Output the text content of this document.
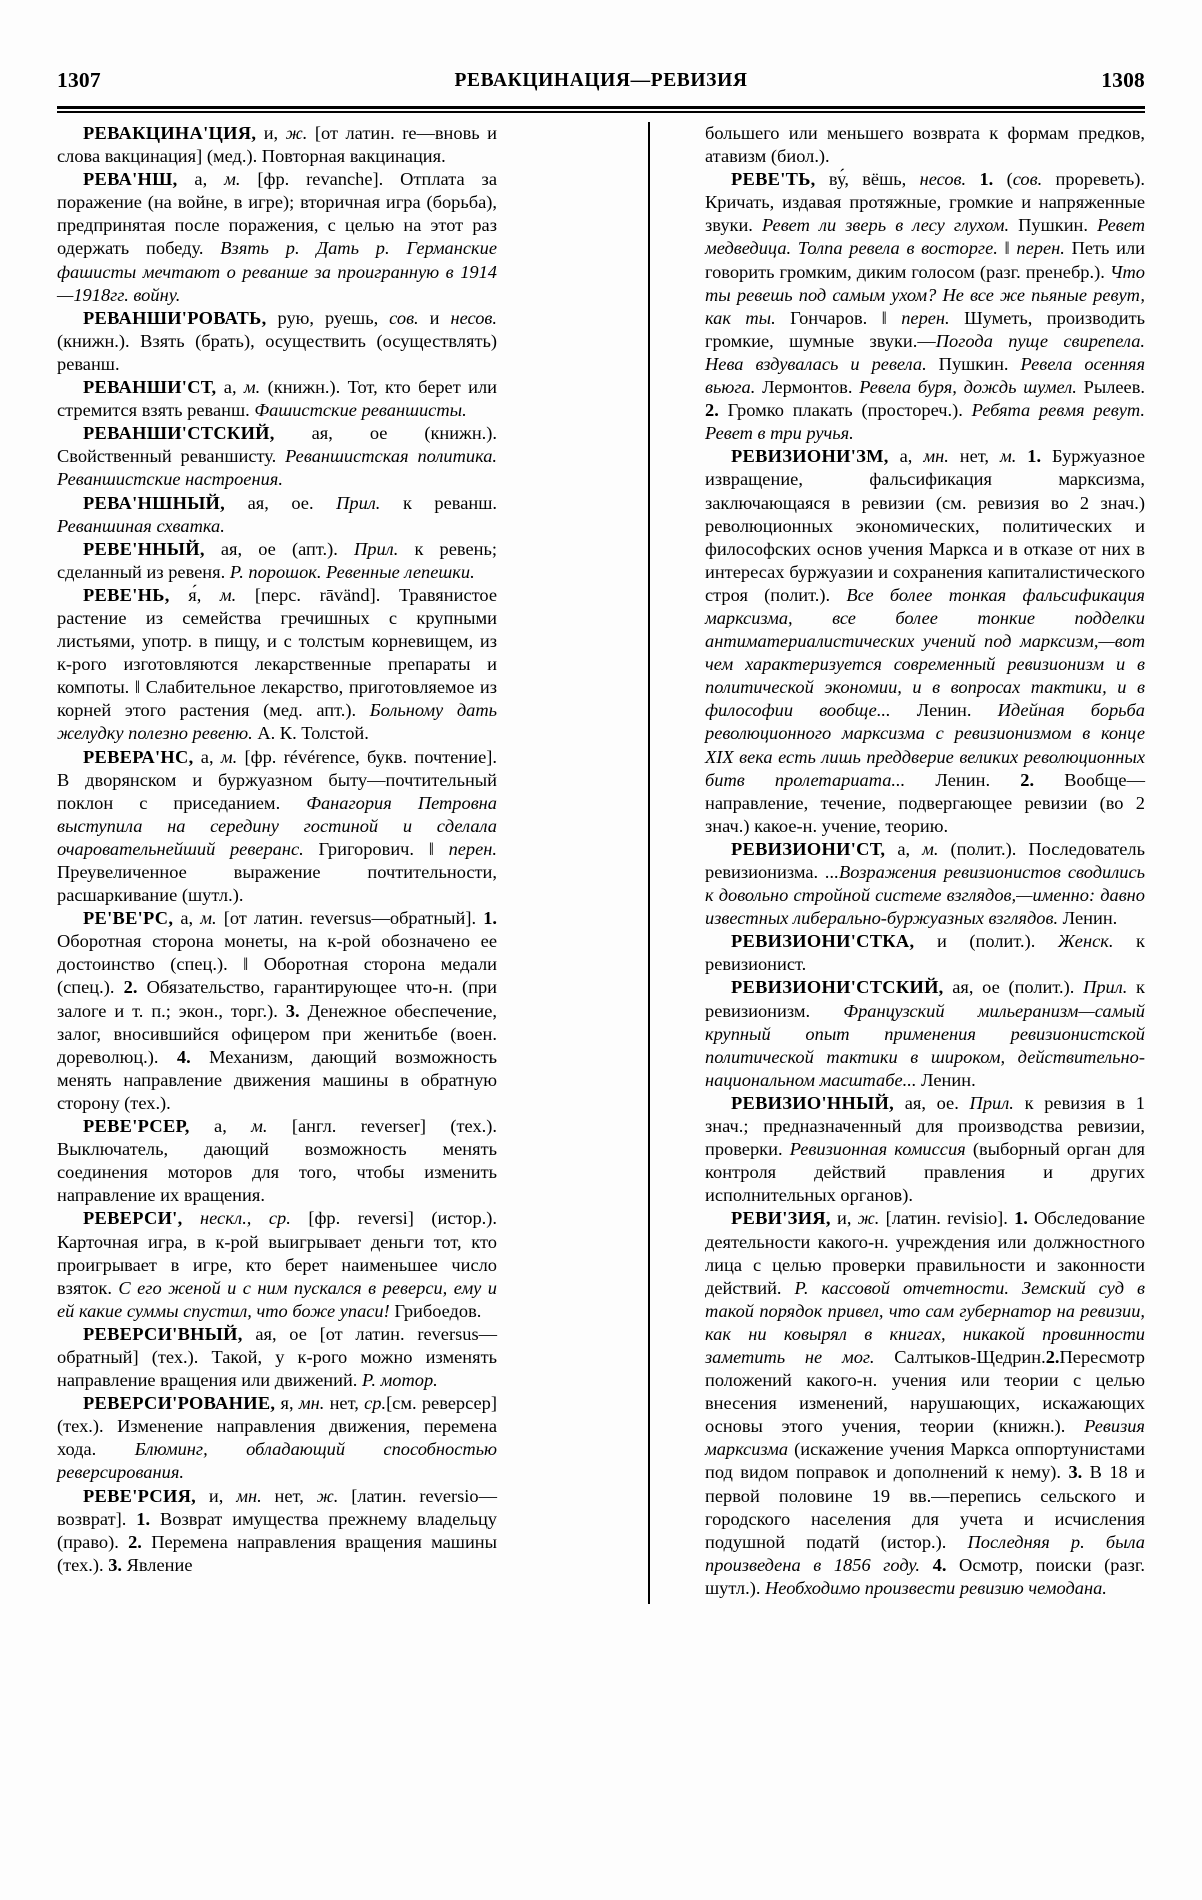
1307	РЕВАКЦИНАЦИЯ—РЕВИЗИЯ	1308

РЕВАКЦИНА'ЦИЯ, и, ж. [от латин. re—вновь и слова вакцинация] (мед.). Повторная вакцинация.

РЕВА'НШ, а, м. [фр. revanche]. Отплата за поражение (на войне, в игре); вторичная игра (борьба), предпринятая после поражения, с целью на этот раз одержать победу. Взять р. Дать р. Германские фашисты мечтают о реванше за проигранную в 1914—1918гг. войну.

РЕВАНШИ'РОВАТЬ, рую, руешь, сов. и несов. (книжн.). Взять (брать), осуществить (осуществлять) реванш.

РЕВАНШИ'СТ, а, м. (книжн.). Тот, кто берет или стремится взять реванш. Фашистские реваншисты.

РЕВАНШИ'СТСКИЙ, ая, ое (книжн.). Свойственный реваншисту. Реваншистская политика. Реваншистские настроения.

РЕВА'НШНЫЙ, ая, ое. Прил. к реванш. Реваншиная схватка.

РЕВЕ'ННЫЙ, ая, ое (апт.). Прил. к ревень; сделанный из ревеня. Р. порошок. Ревенные лепешки.

РЕВЕ'НЬ, я́, м. [перс. rāvänd]. Травянистое растение из семейства гречишных с крупными листьями, употр. в пищу, и с толстым корневищем, из к-рого изготовляются лекарственные препараты и компоты. ‖ Слабительное лекарство, приготовляемое из корней этого растения (мед. апт.). Больному дать желудку полезно ревеню. А. К. Толстой.

РЕВЕРА'НС, а, м. [фр. révérence, букв. почтение]. В дворянском и буржуазном быту—почтительный поклон с приседанием. Фанагория Петровна выступила на середину гостиной и сделала очаровательнейший реверанс. Григорович. ‖ перен. Преувеличенное выражение почтительности, расшаркивание (шутл.).

РЕ'ВЕ'РС, а, м. [от латин. reversus—обратный]. 1. Оборотная сторона монеты, на к-рой обозначено ее достоинство (спец.). ‖ Оборотная сторона медали (спец.). 2. Обязательство, гарантирующее что-н. (при залоге и т. п.; экон., торг.). 3. Денежное обеспечение, залог, вносившийся офицером при женитьбе (воен. дореволюц.). 4. Механизм, дающий возможность менять направление движения машины в обратную сторону (тех.).

РЕВЕ'РСЕР, а, м. [англ. reverser] (тех.). Выключатель, дающий возможность менять соединения моторов для того, чтобы изменить направление их вращения.

РЕВЕРСИ', нескл., ср. [фр. reversi] (истор.). Карточная игра, в к-рой выигрывает деньги тот, кто проигрывает в игре, кто берет наименьшее число взяток. С его женой и с ним пускался в реверси, ему и ей какие суммы спустил, что боже упаси! Грибоедов.

РЕВЕРСИ'ВНЫЙ, ая, ое [от латин. reversus—обратный] (тех.). Такой, у к-рого можно изменять направление вращения или движений. Р. мотор.

РЕВЕРСИ'РОВАНИЕ, я, мн. нет, ср.[см. реверсер] (тех.). Изменение направления движения, перемена хода. Блюминг, обладающий способностью реверсирования.

РЕВЕ'РСИЯ, и, мн. нет, ж. [латин. reversio—возврат]. 1. Возврат имущества прежнему владельцу (право). 2. Перемена направления вращения машины (тех.). 3. Явление

большего или меньшего возврата к формам предков, атавизм (биол.).

РЕВЕ'ТЬ, ву́, вёшь, несов. 1. (сов. прореветь). Кричать, издавая протяжные, громкие и напряженные звуки. Ревет ли зверь в лесу глухом. Пушкин. Ревет медведица. Толпа ревела в восторге. ‖ перен. Петь или говорить громким, диким голосом (разг. пренебр.). Что ты ревешь под самым ухом? Не все же пьяные ревут, как ты. Гончаров. ‖ перен. Шуметь, производить громкие, шумные звуки.—Погода пуще свирепела. Нева вздувалась и ревела. Пушкин. Ревела осенняя вьюга. Лермонтов. Ревела буря, дождь шумел. Рылеев. 2. Громко плакать (простореч.). Ребята ревмя ревут. Ревет в три ручья.

РЕВИЗИОНИ'ЗМ, а, мн. нет, м. 1. Буржуазное извращение, фальсификация марксизма, заключающаяся в ревизии (см. ревизия во 2 знач.) революционных экономических, политических и философских основ учения Маркса и в отказе от них в интересах буржуазии и сохранения капиталистического строя (полит.). Все более тонкая фальсификация марксизма, все более тонкие подделки антиматериалистических учений под марксизм,—вот чем характеризуется современный ревизионизм и в политической экономии, и в вопросах тактики, и в философии вообще... Ленин. Идейная борьба революционного марксизма с ревизионизмом в конце XIX века есть лишь преддверие великих революционных битв пролетариата... Ленин. 2. Вообще—направление, течение, подвергающее ревизии (во 2 знач.) какое-н. учение, теорию.

РЕВИЗИОНИ'СТ, а, м. (полит.). Последователь ревизионизма. ...Возражения ревизионистов сводились к довольно стройной системе взглядов,—именно: давно известных либерально-буржуазных взглядов. Ленин.

РЕВИЗИОНИ'СТКА, и (полит.). Женск. к ревизионист.

РЕВИЗИОНИ'СТСКИЙ, ая, ое (полит.). Прил. к ревизионизм. Французский мильеранизм—самый крупный опыт применения ревизионистской политической тактики в широком, действительно-национальном масштабе... Ленин.

РЕВИЗИО'ННЫЙ, ая, ое. Прил. к ревизия в 1 знач.; предназначенный для производства ревизии, проверки. Ревизионная комиссия (выборный орган для контроля действий правления и других исполнительных органов).

РЕВИ'ЗИЯ, и, ж. [латин. revisio]. 1. Обследование деятельности какого-н. учреждения или должностного лица с целью проверки правильности и законности действий. Р. кассовой отчетности. Земский суд в такой порядок привел, что сам губернатор на ревизии, как ни ковырял в книгах, никакой провинности заметить не мог. Салтыков-Щедрин.2.Пересмотр положений какого-н. учения или теории с целью внесения изменений, нарушающих, искажающих основы этого учения, теории (книжн.). Ревизия марксизма (искажение учения Маркса оппортунистами под видом поправок и дополнений к нему). 3. В 18 и первой половине 19 вв.—перепись сельского и городского населения для учета и исчисления подушной податй (истор.). Последняя р. была произведена в 1856 году. 4. Осмотр, поиски (разг. шутл.). Необходимо произвести ревизию чемодана.
